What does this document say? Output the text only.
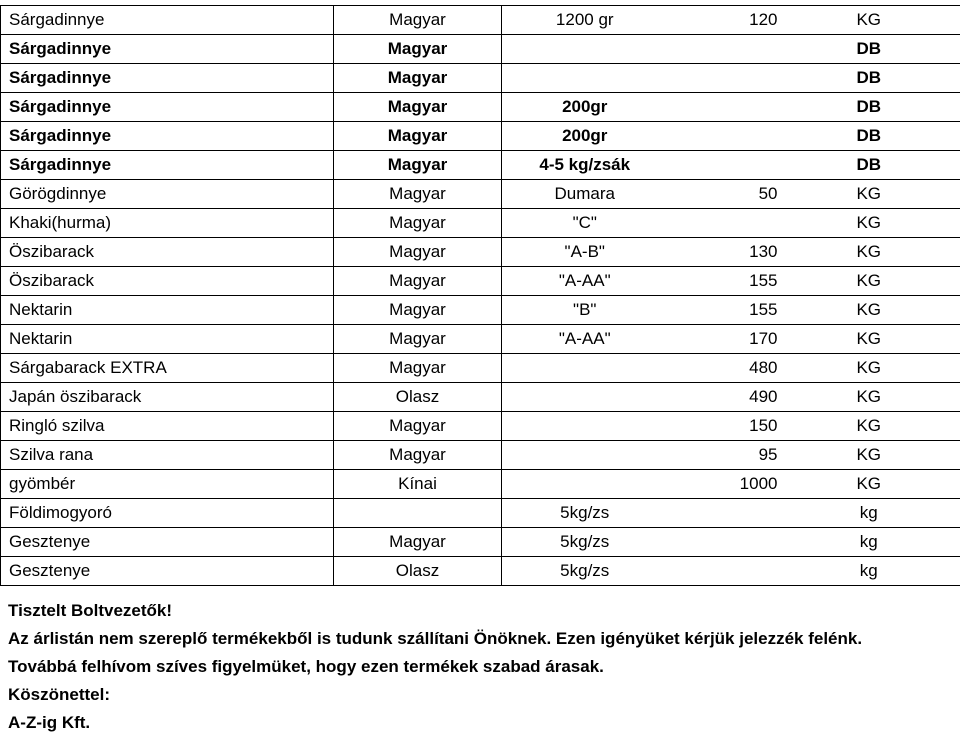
Sárgadinnye	Magyar	1200 gr	120	KG
Sárgadinnye	Magyar			DB
Sárgadinnye	Magyar			DB
Sárgadinnye	Magyar	200gr		DB
Sárgadinnye	Magyar	200gr		DB
Sárgadinnye	Magyar	4-5 kg/zsák		DB
Görögdinnye	Magyar	Dumara	50	KG
Khaki(hurma)	Magyar	"C"		KG
Öszibarack	Magyar	"A-B"	130	KG
Öszibarack	Magyar	"A-AA"	155	KG
Nektarin	Magyar	"B"	155	KG
Nektarin	Magyar	"A-AA"	170	KG
Sárgabarack EXTRA	Magyar		480	KG
Japán öszibarack	Olasz		490	KG
Ringló szilva	Magyar		150	KG
Szilva rana	Magyar		95	KG
gyömbér	Kínai		1000	KG
Földimogyoró		5kg/zs		kg
Gesztenye	Magyar	5kg/zs		kg
Gesztenye	Olasz	5kg/zs		kg
Tisztelt Boltvezetők!
Az árlistán nem szereplő termékekből is tudunk szállítani Önöknek. Ezen igényüket kérjük jelezzék felénk.
Továbbá felhívom szíves figyelmüket, hogy ezen termékek szabad árasak.
Köszönettel:
A-Z-ig Kft.
